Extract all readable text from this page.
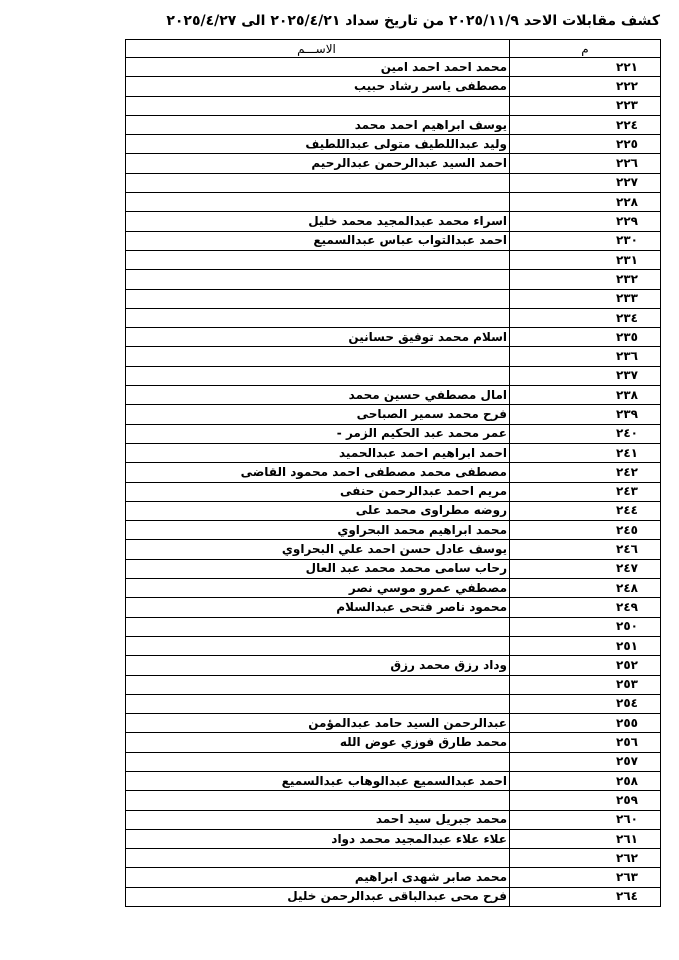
كشف مقابلات الاحد ٢٠٢٥/١١/٩ من تاريخ سداد ٢٠٢٥/٤/٢١ الى ٢٠٢٥/٤/٢٧
م	الاســـم
٢٢١	محمد احمد احمد امين
٢٢٢	مصطفى ياسر رشاد حبيب
٢٢٣	
٢٢٤	يوسف ابراهيم احمد محمد
٢٢٥	وليد عبداللطيف متولى عبداللطيف
٢٢٦	احمد السيد عبدالرحمن عبدالرحيم
٢٢٧	
٢٢٨	
٢٢٩	اسراء محمد عبدالمجيد محمد خليل
٢٣٠	احمد عبدالتواب عباس عبدالسميع
٢٣١	
٢٣٢	
٢٣٣	
٢٣٤	
٢٣٥	اسلام محمد توفيق حسانين
٢٣٦	
٢٣٧	
٢٣٨	امال مصطفي حسين محمد
٢٣٩	فرح محمد سمير الصباحى
٢٤٠	عمر محمد عبد الحكيم الزمر -
٢٤١	احمد ابراهيم احمد عبدالحميد
٢٤٢	مصطفى محمد مصطفى احمد محمود القاضى
٢٤٣	مريم احمد عبدالرحمن حنفى
٢٤٤	روضه مطراوى محمد على
٢٤٥	محمد ابراهيم محمد البحراوي
٢٤٦	يوسف عادل حسن احمد علي البحراوي
٢٤٧	رحاب سامى محمد محمد عبد العال
٢٤٨	مصطفي عمرو موسي نصر
٢٤٩	محمود ناصر فتحى عبدالسلام
٢٥٠	
٢٥١	
٢٥٢	وداد رزق محمد رزق
٢٥٣	
٢٥٤	
٢٥٥	عبدالرحمن السيد حامد عبدالمؤمن
٢٥٦	محمد طارق فوزي عوض الله
٢٥٧	
٢٥٨	احمد عبدالسميع عبدالوهاب عبدالسميع
٢٥٩	
٢٦٠	محمد جبريل سيد احمد
٢٦١	علاء علاء عبدالمجيد محمد دواد
٢٦٢	
٢٦٣	محمد صابر شهدى ابراهيم
٢٦٤	فرح محى عبدالباقى عبدالرحمن خليل
